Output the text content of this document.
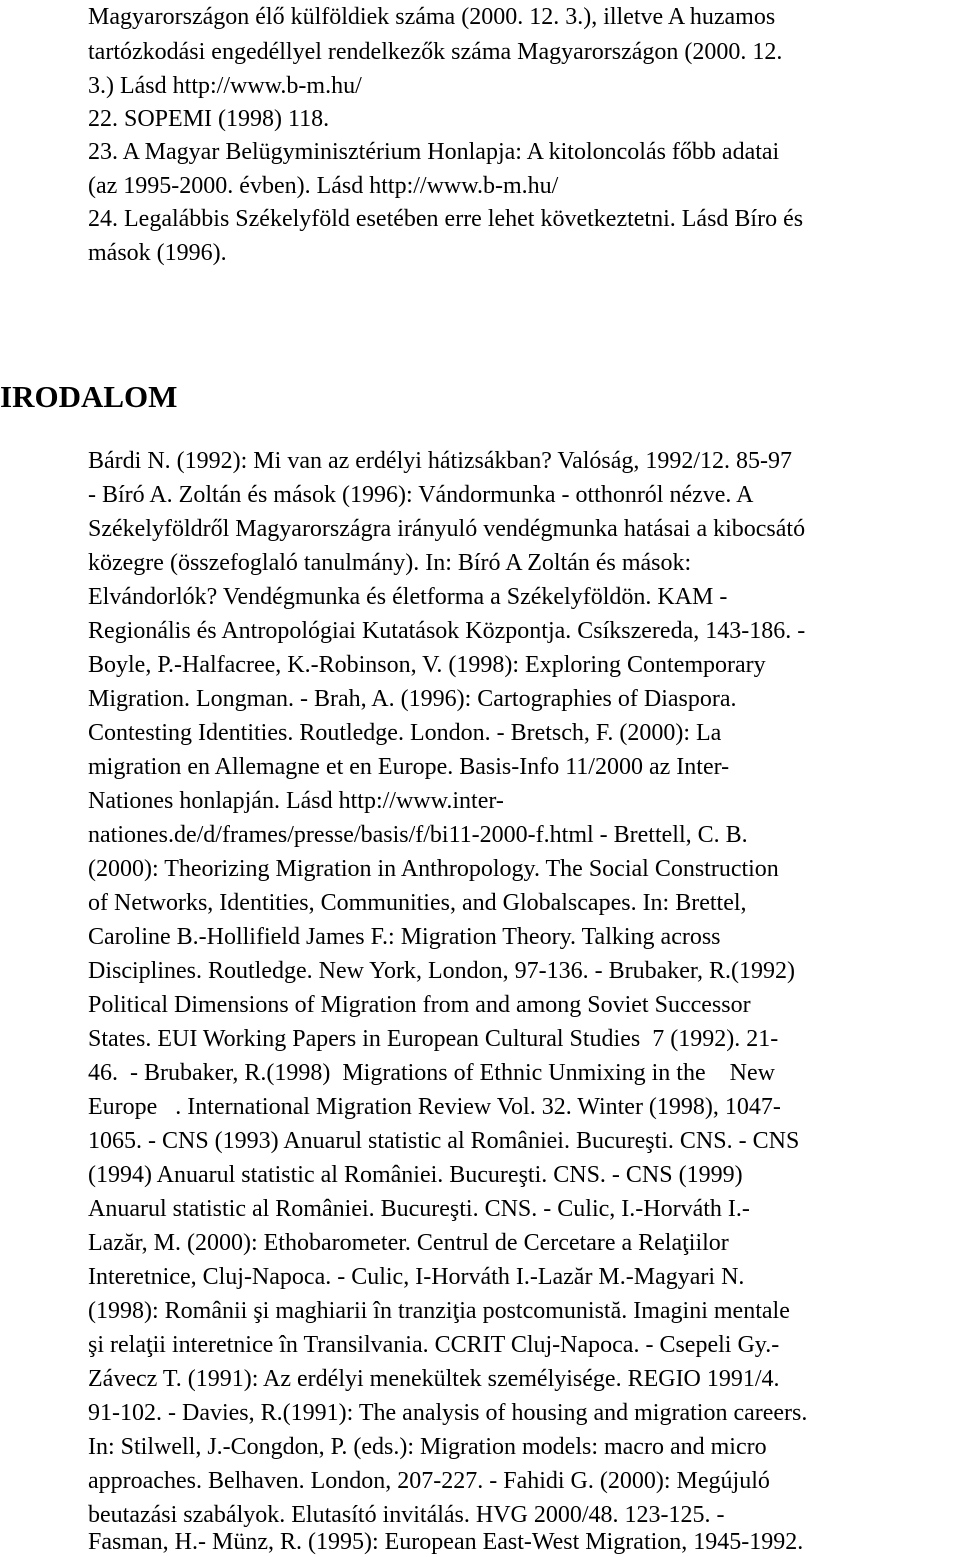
Magyarországon élő külföldiek száma (2000. 12. 3.), illetve A huzamos
tartózkodási engedéllyel rendelkezők száma Magyarországon (2000. 12.
3.) Lásd http://www.b-m.hu/
22. SOPEMI (1998) 118.
23. A Magyar Belügyminisztérium Honlapja: A kitoloncolás főbb adatai
(az 1995-2000. évben). Lásd http://www.b-m.hu/
24. Legalábbis Székelyföld esetében erre lehet következtetni. Lásd Bíro és
mások (1996).
IRODALOM
Bárdi N. (1992): Mi van az erdélyi hátizsákban? Valóság, 1992/12. 85-97
- Bíró A. Zoltán és mások (1996): Vándormunka - otthonról nézve. A
Székelyföldről Magyarországra irányuló vendégmunka hatásai a kibocsátó
közegre (összefoglaló tanulmány). In: Bíró A Zoltán és mások:
Elvándorlók? Vendégmunka és életforma a Székelyföldön. KAM -
Regionális és Antropológiai Kutatások Központja. Csíkszereda, 143-186. -
Boyle, P.-Halfacree, K.-Robinson, V. (1998): Exploring Contemporary
Migration. Longman. - Brah, A. (1996): Cartographies of Diaspora.
Contesting Identities. Routledge. London. - Bretsch, F. (2000): La
migration en Allemagne et en Europe. Basis-Info 11/2000 az Inter-
Nationes honlapján. Lásd http://www.inter-
nationes.de/d/frames/presse/basis/f/bi11-2000-f.html - Brettell, C. B.
(2000): Theorizing Migration in Anthropology. The Social Construction
of Networks, Identities, Communities, and Globalscapes. In: Brettel,
Caroline B.-Hollifield James F.: Migration Theory. Talking across
Disciplines. Routledge. New York, London, 97-136. - Brubaker, R.(1992)
Political Dimensions of Migration from and among Soviet Successor
States. EUI Working Papers in European Cultural Studies  7 (1992). 21-
46.  - Brubaker, R.(1998)  Migrations of Ethnic Unmixing in the    New
Europe   . International Migration Review Vol. 32. Winter (1998), 1047-
1065. - CNS (1993) Anuarul statistic al României. Bucureşti. CNS. - CNS
(1994) Anuarul statistic al României. Bucureşti. CNS. - CNS (1999)
Anuarul statistic al României. Bucureşti. CNS. - Culic, I.-Horváth I.-
Lazăr, M. (2000): Ethobarometer. Centrul de Cercetare a Relaţiilor
Interetnice, Cluj-Napoca. - Culic, I-Horváth I.-Lazăr M.-Magyari N.
(1998): Românii şi maghiarii în tranziţia postcomunistă. Imagini mentale
şi relaţii interetnice în Transilvania. CCRIT Cluj-Napoca. - Csepeli Gy.-
Závecz T. (1991): Az erdélyi menekültek személyisége. REGIO 1991/4.
91-102. - Davies, R.(1991): The analysis of housing and migration careers.
In: Stilwell, J.-Congdon, P. (eds.): Migration models: macro and micro
approaches. Belhaven. London, 207-227. - Fahidi G. (2000): Megújuló
beutazási szabályok. Elutasító invitálás. HVG 2000/48. 123-125. -
Fasman, H.- Münz, R. (1995): European East-West Migration, 1945-1992.
